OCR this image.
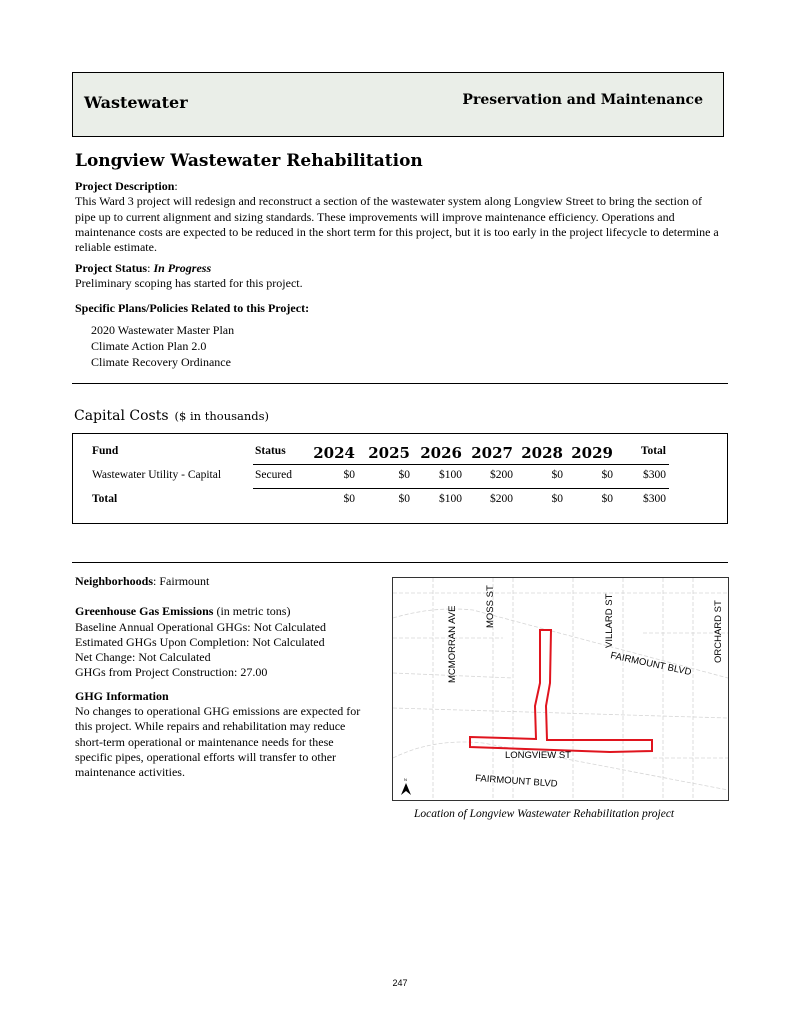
Wastewater	Preservation and Maintenance
Longview Wastewater Rehabilitation
Project Description:
This Ward 3 project will redesign and reconstruct a section of the wastewater system along Longview Street to bring the section of pipe up to current alignment and sizing standards. These improvements will improve maintenance efficiency. Operations and maintenance costs are expected to be reduced in the short term for this project, but it is too early in the project lifecycle to determine a reliable estimate.
Project Status: In Progress
Preliminary scoping has started for this project.
Specific Plans/Policies Related to this Project:
2020 Wastewater Master Plan
Climate Action Plan 2.0
Climate Recovery Ordinance
Capital Costs ($ in thousands)
Fund	Status	2024 2025 2026 2027 2028 2029	Total
Wastewater Utility - Capital	Secured	$0	$0	$100	$200	$0	$0	$300
Total	$0	$0	$100	$200	$0	$0	$300
Neighborhoods: Fairmount
Greenhouse Gas Emissions (in metric tons)
Baseline Annual Operational GHGs: Not Calculated
Estimated GHGs Upon Completion: Not Calculated
Net Change: Not Calculated
GHGs from Project Construction: 27.00
GHG Information
No changes to operational GHG emissions are expected for this project. While repairs and rehabilitation may reduce short-term operational or maintenance needs for these specific pipes, operational efforts will transfer to other maintenance activities.
MCMORRAN AVE	MOSS ST	VILLARD ST	ORCHARD ST
FAIRMOUNT BLVD
LONGVIEW ST
FAIRMOUNT BLVD
N
Location of Longview Wastewater Rehabilitation project
247
